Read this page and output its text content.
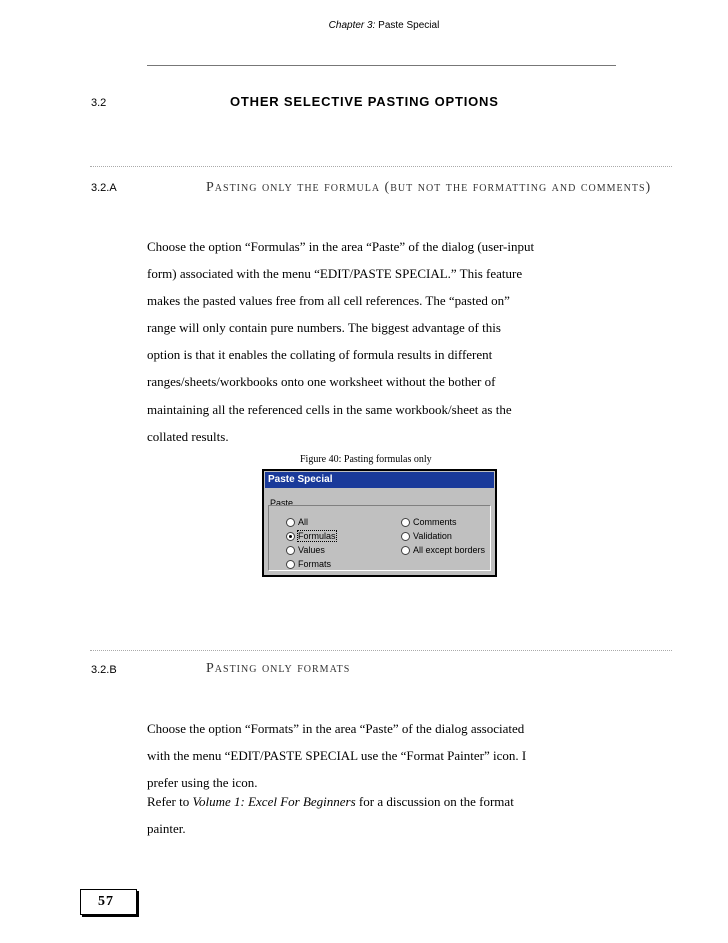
Chapter 3: Paste Special
3.2	OTHER SELECTIVE PASTING OPTIONS
3.2.A	Pasting only the formula (but not the formatting and comments)

Choose the option “Formulas” in the area “Paste” of the dialog (user-input

form) associated with the menu “EDIT/PASTE SPECIAL.” This feature

makes the pasted values free from all cell references. The “pasted on”

range will only contain pure numbers. The biggest advantage of this

option is that it enables the collating of formula results in different

ranges/sheets/workbooks onto one worksheet without the bother of

maintaining all the referenced cells in the same workbook/sheet as the

collated results.

Figure 40: Pasting formulas only
Paste Special
Paste
All
Formulas
Values
Formats
Comments
Validation
All except borders
3.2.B	Pasting only formats

Choose the option “Formats” in the area “Paste” of the dialog associated

with the menu “EDIT/PASTE SPECIAL use the “Format Painter” icon. I

prefer using the icon.

Refer to Volume 1: Excel For Beginners for a discussion on the format

painter.

57
